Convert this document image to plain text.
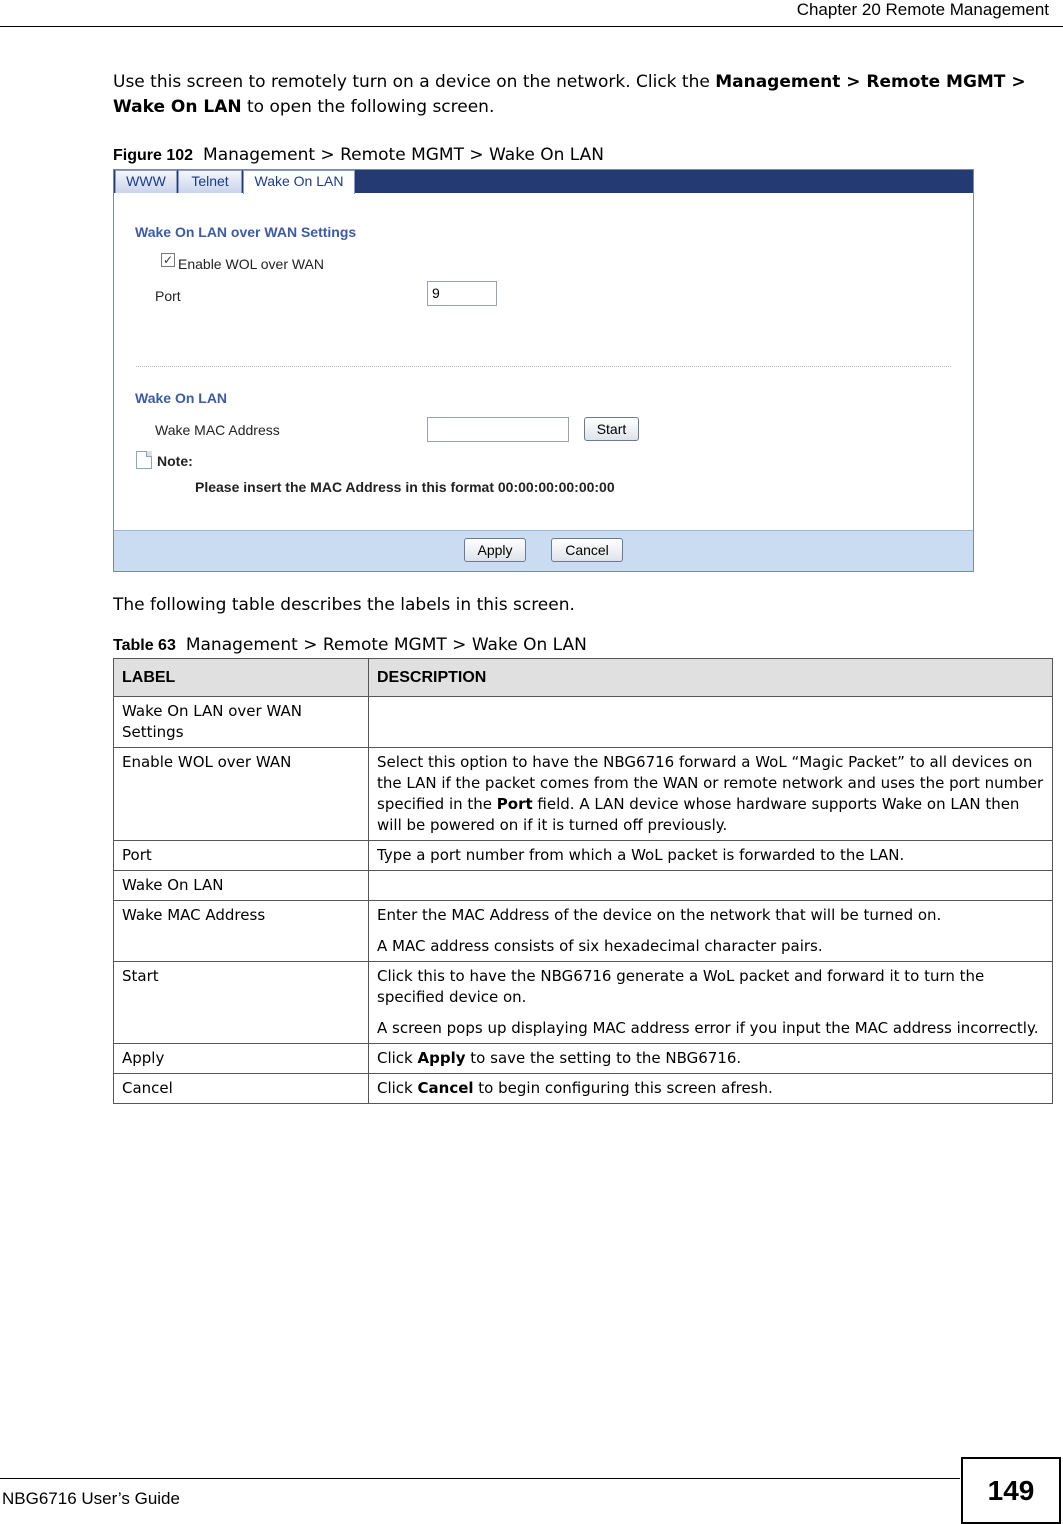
Chapter 20 Remote Management

Use this screen to remotely turn on a device on the network. Click the Management > Remote MGMT > Wake On LAN to open the following screen.

Figure 102 Management > Remote MGMT > Wake On LAN
WWW	Telnet	Wake On LAN
Wake On LAN over WAN Settings
✓ Enable WOL over WAN
Port	9
Wake On LAN
Wake MAC Address	Start
Note:
Please insert the MAC Address in this format 00:00:00:00:00:00
Apply	Cancel

The following table describes the labels in this screen.

Table 63 Management > Remote MGMT > Wake On LAN
LABEL	DESCRIPTION
Wake On LAN over WAN Settings	
Enable WOL over WAN	Select this option to have the NBG6716 forward a WoL “Magic Packet” to all devices on the LAN if the packet comes from the WAN or remote network and uses the port number specified in the Port field. A LAN device whose hardware supports Wake on LAN then will be powered on if it is turned off previously.
Port	Type a port number from which a WoL packet is forwarded to the LAN.
Wake On LAN	
Wake MAC Address	Enter the MAC Address of the device on the network that will be turned on.

A MAC address consists of six hexadecimal character pairs.

Start	Click this to have the NBG6716 generate a WoL packet and forward it to turn the specified device on.

A screen pops up displaying MAC address error if you input the MAC address incorrectly.

Apply	Click Apply to save the setting to the NBG6716.
Cancel	Click Cancel to begin configuring this screen afresh.
NBG6716 User’s Guide	149
